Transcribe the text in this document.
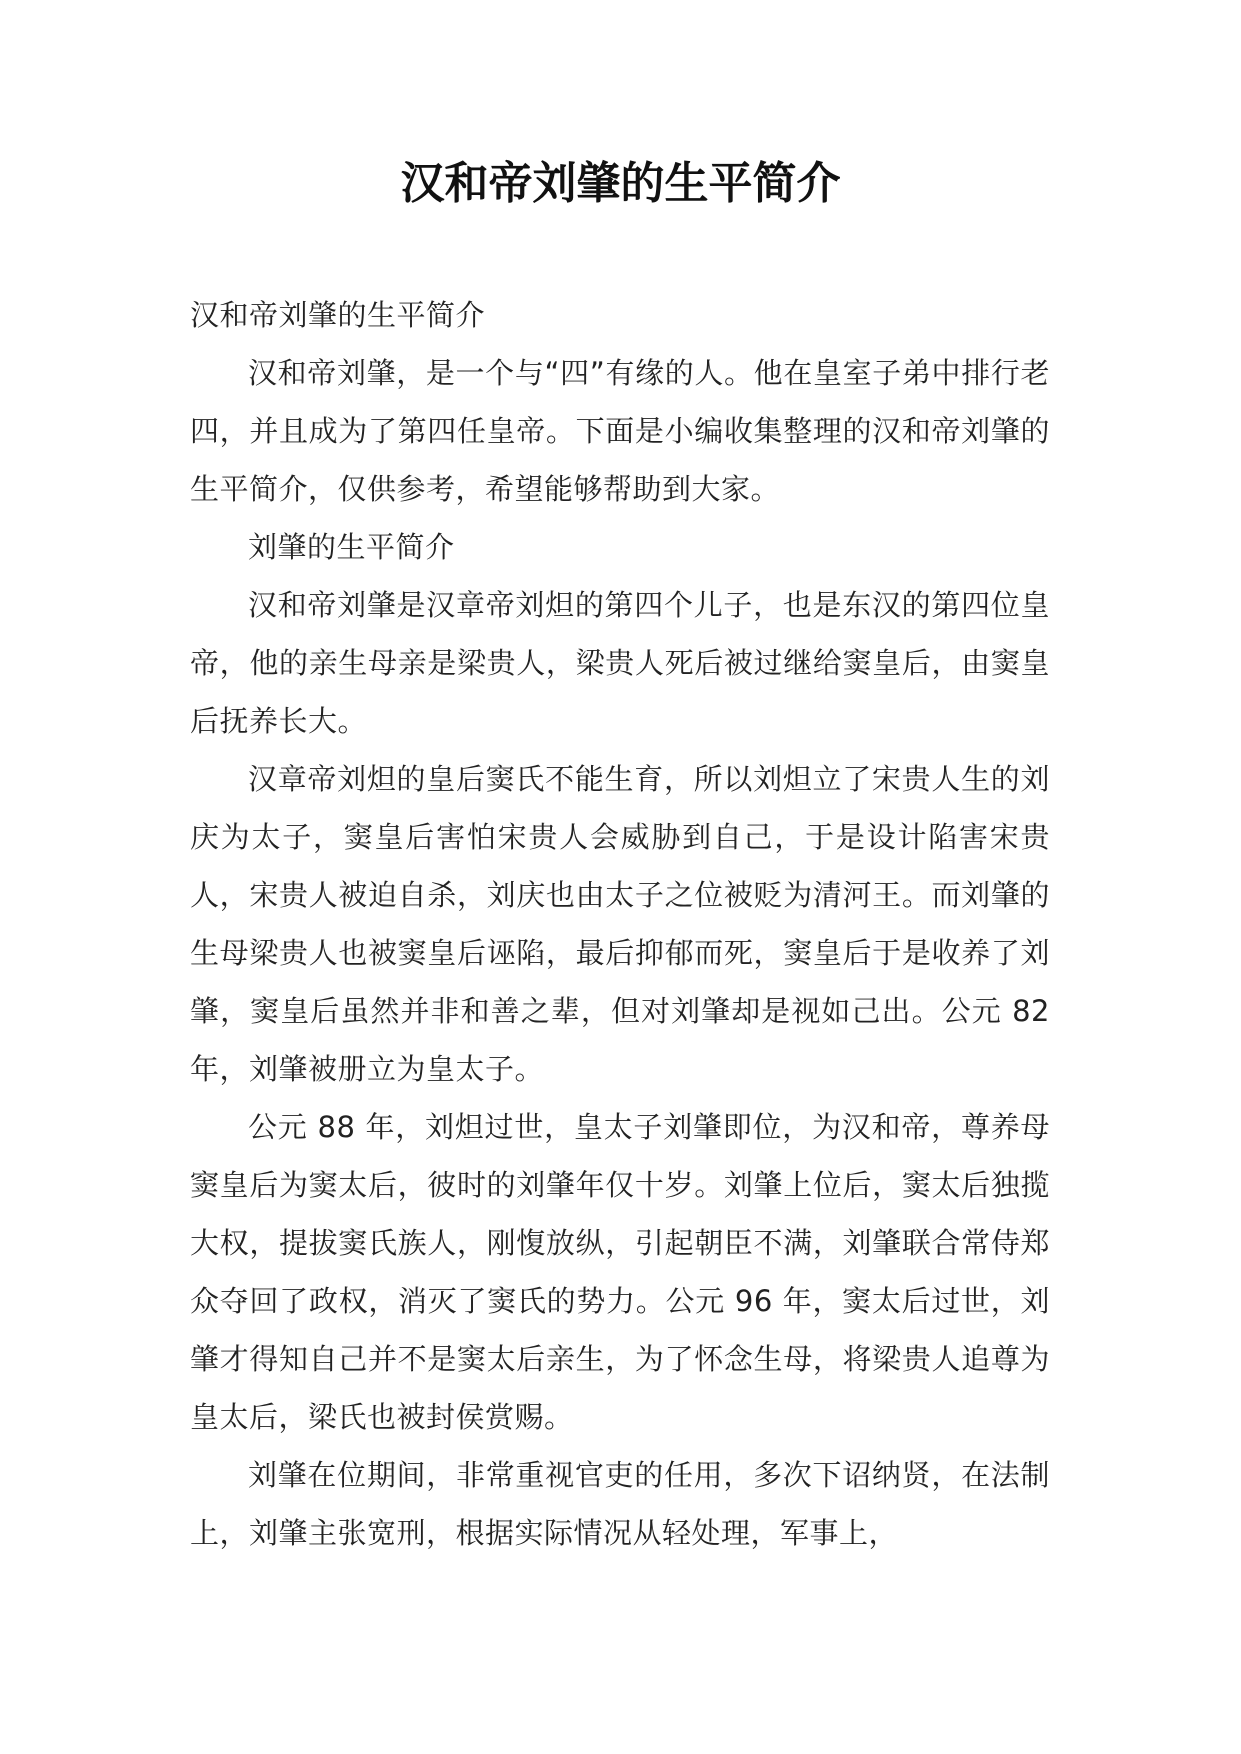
汉和帝刘肇的生平简介

汉和帝刘肇的生平简介

汉和帝刘肇，是一个与“四”有缘的人。他在皇室子弟中排行老四，并且成为了第四任皇帝。下面是小编收集整理的汉和帝刘肇的生平简介，仅供参考，希望能够帮助到大家。

刘肇的生平简介

汉和帝刘肇是汉章帝刘炟的第四个儿子，也是东汉的第四位皇帝，他的亲生母亲是梁贵人，梁贵人死后被过继给窦皇后，由窦皇后抚养长大。

汉章帝刘炟的皇后窦氏不能生育，所以刘炟立了宋贵人生的刘庆为太子，窦皇后害怕宋贵人会威胁到自己，于是设计陷害宋贵人，宋贵人被迫自杀，刘庆也由太子之位被贬为清河王。而刘肇的生母梁贵人也被窦皇后诬陷，最后抑郁而死，窦皇后于是收养了刘肇，窦皇后虽然并非和善之辈，但对刘肇却是视如己出。公元 82 年，刘肇被册立为皇太子。

公元 88 年，刘炟过世，皇太子刘肇即位，为汉和帝，尊养母窦皇后为窦太后，彼时的刘肇年仅十岁。刘肇上位后，窦太后独揽大权，提拔窦氏族人，刚愎放纵，引起朝臣不满，刘肇联合常侍郑众夺回了政权，消灭了窦氏的势力。公元 96 年，窦太后过世，刘肇才得知自己并不是窦太后亲生，为了怀念生母，将梁贵人追尊为皇太后，梁氏也被封侯赏赐。

刘肇在位期间，非常重视官吏的任用，多次下诏纳贤，在法制上，刘肇主张宽刑，根据实际情况从轻处理，军事上，
